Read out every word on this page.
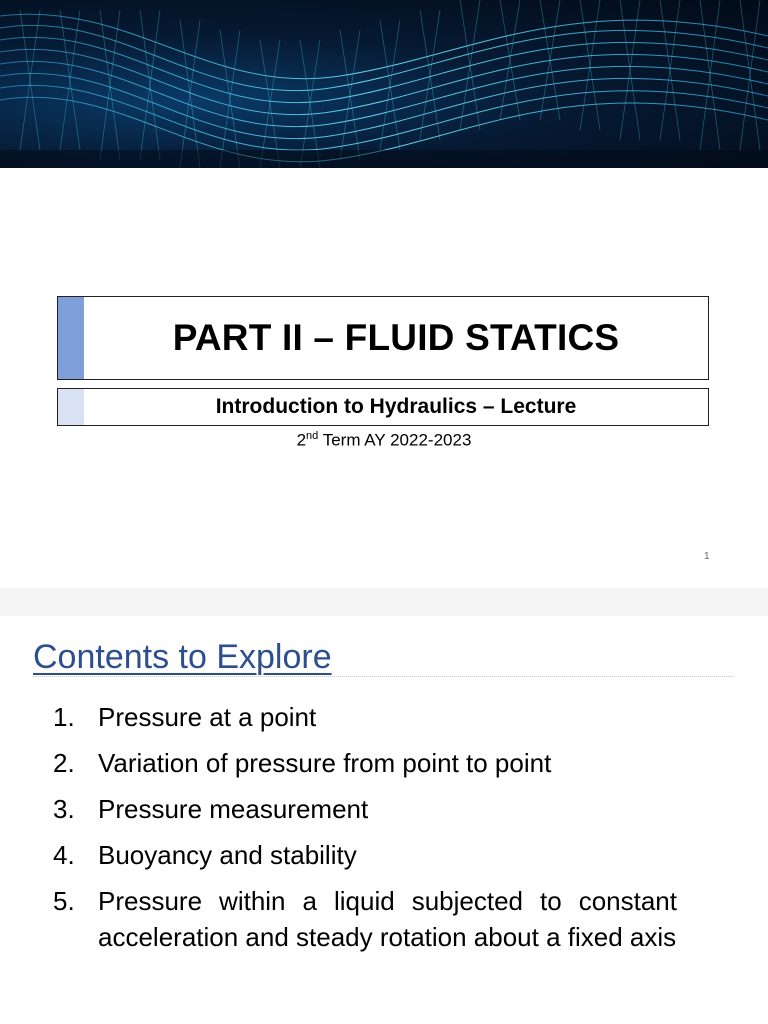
PART II – FLUID STATICS
Introduction to Hydraulics – Lecture
2nd Term AY 2022-2023
1
Contents to Explore
1. Pressure at a point
2. Variation of pressure from point to point
3. Pressure measurement
4. Buoyancy and stability
5. Pressure within a liquid subjected to constant acceleration and steady rotation about a fixed axis
